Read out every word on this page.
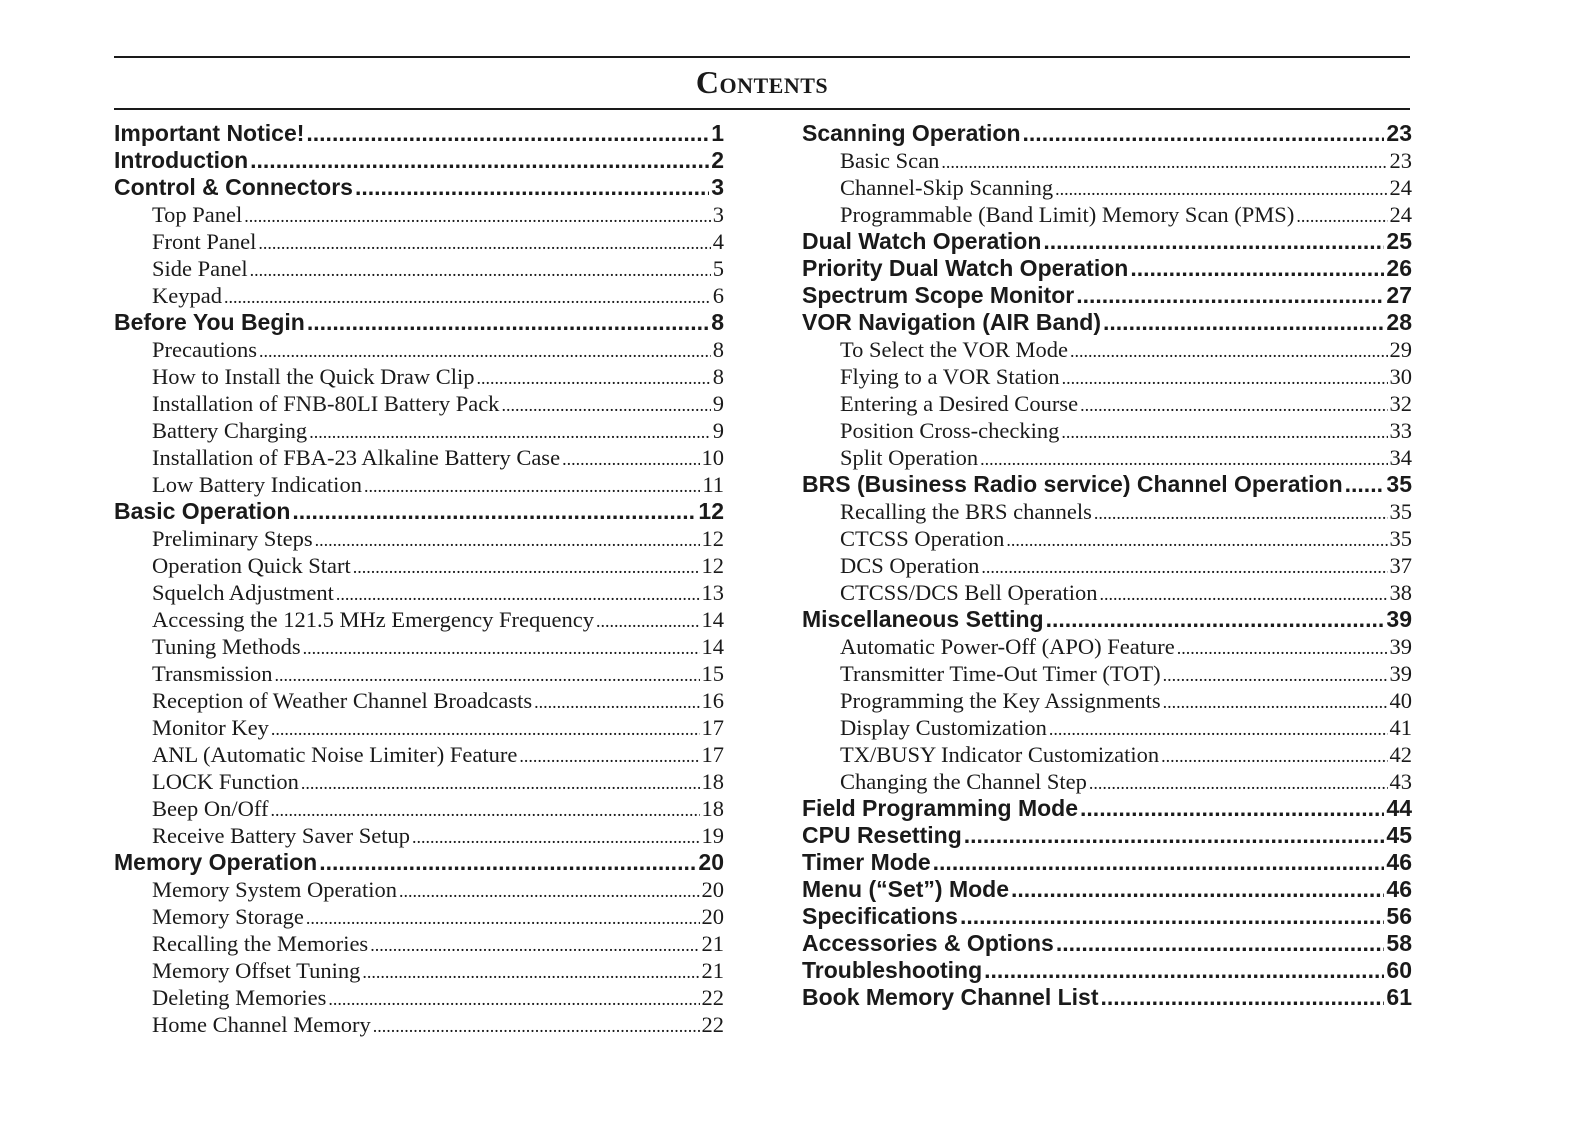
Contents
Important Notice! .....	1
Introduction .....	2
Control & Connectors .....	3
Top Panel .....	3
Front Panel .....	4
Side Panel .....	5
Keypad .....	6
Before You Begin .....	8
Precautions .....	8
How to Install the Quick Draw Clip .....	8
Installation of FNB-80LI Battery Pack .....	9
Battery Charging .....	9
Installation of FBA-23 Alkaline Battery Case .....	10
Low Battery Indication .....	11
Basic Operation .....	12
Preliminary Steps .....	12
Operation Quick Start .....	12
Squelch Adjustment .....	13
Accessing the 121.5 MHz Emergency Frequency .....	14
Tuning Methods .....	14
Transmission .....	15
Reception of Weather Channel Broadcasts .....	16
Monitor Key .....	17
ANL (Automatic Noise Limiter) Feature .....	17
LOCK Function .....	18
Beep On/Off .....	18
Receive Battery Saver Setup .....	19
Memory Operation .....	20
Memory System Operation .....	20
Memory Storage .....	20
Recalling the Memories .....	21
Memory Offset Tuning .....	21
Deleting Memories .....	22
Home Channel Memory .....	22
Scanning Operation .....	23
Basic Scan .....	23
Channel-Skip Scanning .....	24
Programmable (Band Limit) Memory Scan (PMS) .....	24
Dual Watch Operation .....	25
Priority Dual Watch Operation .....	26
Spectrum Scope Monitor .....	27
VOR Navigation (AIR Band) .....	28
To Select the VOR Mode .....	29
Flying to a VOR Station .....	30
Entering a Desired Course .....	32
Position Cross-checking .....	33
Split Operation .....	34
BRS (Business Radio service) Channel Operation ..... 35
Recalling the BRS channels .....	35
CTCSS Operation .....	35
DCS Operation .....	37
CTCSS/DCS Bell Operation .....	38
Miscellaneous Setting .....	39
Automatic Power-Off (APO) Feature .....	39
Transmitter Time-Out Timer (TOT) .....	39
Programming the Key Assignments .....	40
Display Customization .....	41
TX/BUSY Indicator Customization .....	42
Changing the Channel Step .....	43
Field Programming Mode .....	44
CPU Resetting .....	45
Timer Mode .....	46
Menu (“Set”) Mode .....	46
Specifications .....	56
Accessories & Options .....	58
Troubleshooting .....	60
Book Memory Channel List .....	61
